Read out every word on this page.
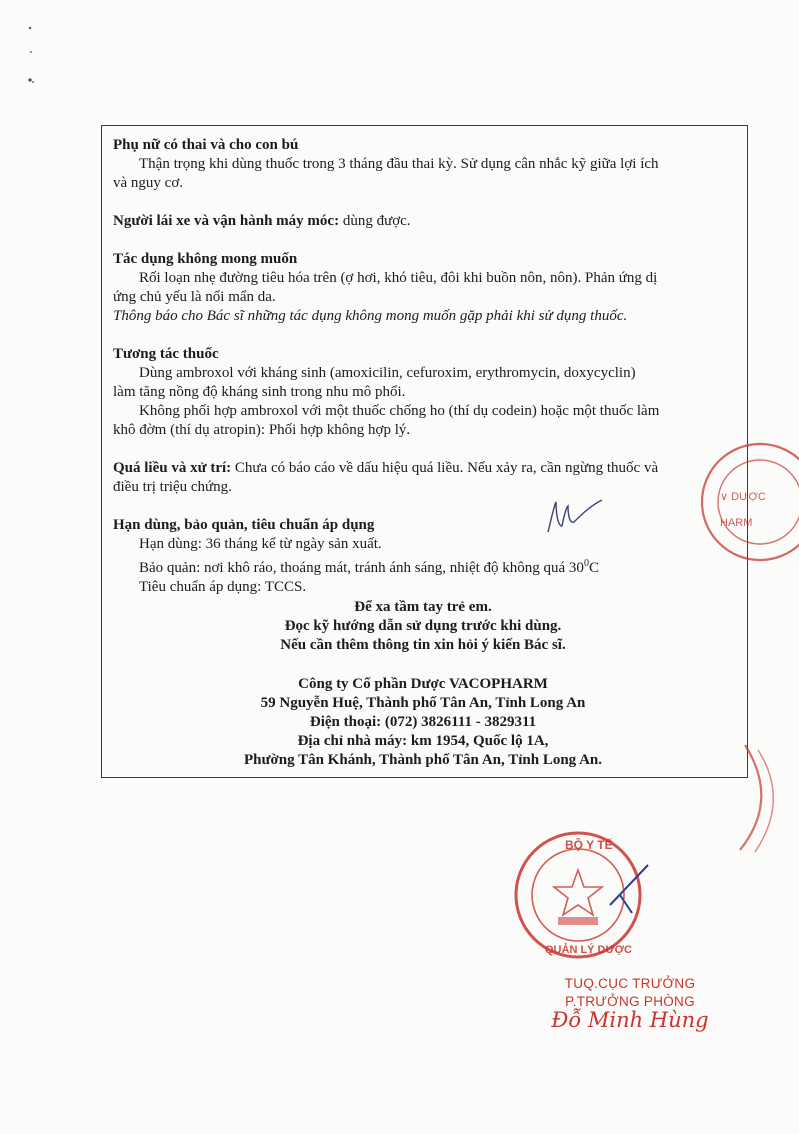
Phụ nữ có thai và cho con bú

Thận trọng khi dùng thuốc trong 3 tháng đầu thai kỳ. Sử dụng cân nhắc kỹ giữa lợi ích

và nguy cơ.

Người lái xe và vận hành máy móc: dùng được.

Tác dụng không mong muốn

Rối loạn nhẹ đường tiêu hóa trên (ợ hơi, khó tiêu, đôi khi buồn nôn, nôn). Phản ứng dị

ứng chủ yếu là nổi mẩn da.

Thông báo cho Bác sĩ những tác dụng không mong muốn gặp phải khi sử dụng thuốc.

Tương tác thuốc

Dùng ambroxol với kháng sinh (amoxicilin, cefuroxim, erythromycin, doxycyclin)

làm tăng nồng độ kháng sinh trong nhu mô phổi.

Không phối hợp ambroxol với một thuốc chống ho (thí dụ codein) hoặc một thuốc làm

khô đờm (thí dụ atropin): Phối hợp không hợp lý.

Quá liều và xử trí: Chưa có báo cáo về dấu hiệu quá liều. Nếu xảy ra, cần ngừng thuốc và

điều trị triệu chứng.

Hạn dùng, bảo quản, tiêu chuẩn áp dụng

Hạn dùng: 36 tháng kể từ ngày sản xuất.

Bảo quản: nơi khô ráo, thoáng mát, tránh ánh sáng, nhiệt độ không quá $30^0C$

Tiêu chuẩn áp dụng: TCCS.

Để xa tầm tay trẻ em.

Đọc kỹ hướng dẫn sử dụng trước khi dùng.

Nếu cần thêm thông tin xin hỏi ý kiến Bác sĩ.

Công ty Cổ phần Dược VACOPHARM

59 Nguyễn Huệ, Thành phố Tân An, Tỉnh Long An

Điện thoại: (072) 3826111 - 3829311

Địa chỉ nhà máy: km 1954, Quốc lộ 1A,

Phường Tân Khánh, Thành phố Tân An, Tỉnh Long An.

∨ DƯỢC
HARM
BỘ Y TẾ
QUẢN LÝ DƯỢC
TUQ.CỤC TRƯỞNG
P.TRƯỞNG PHÒNG
Đỗ Minh Hùng
